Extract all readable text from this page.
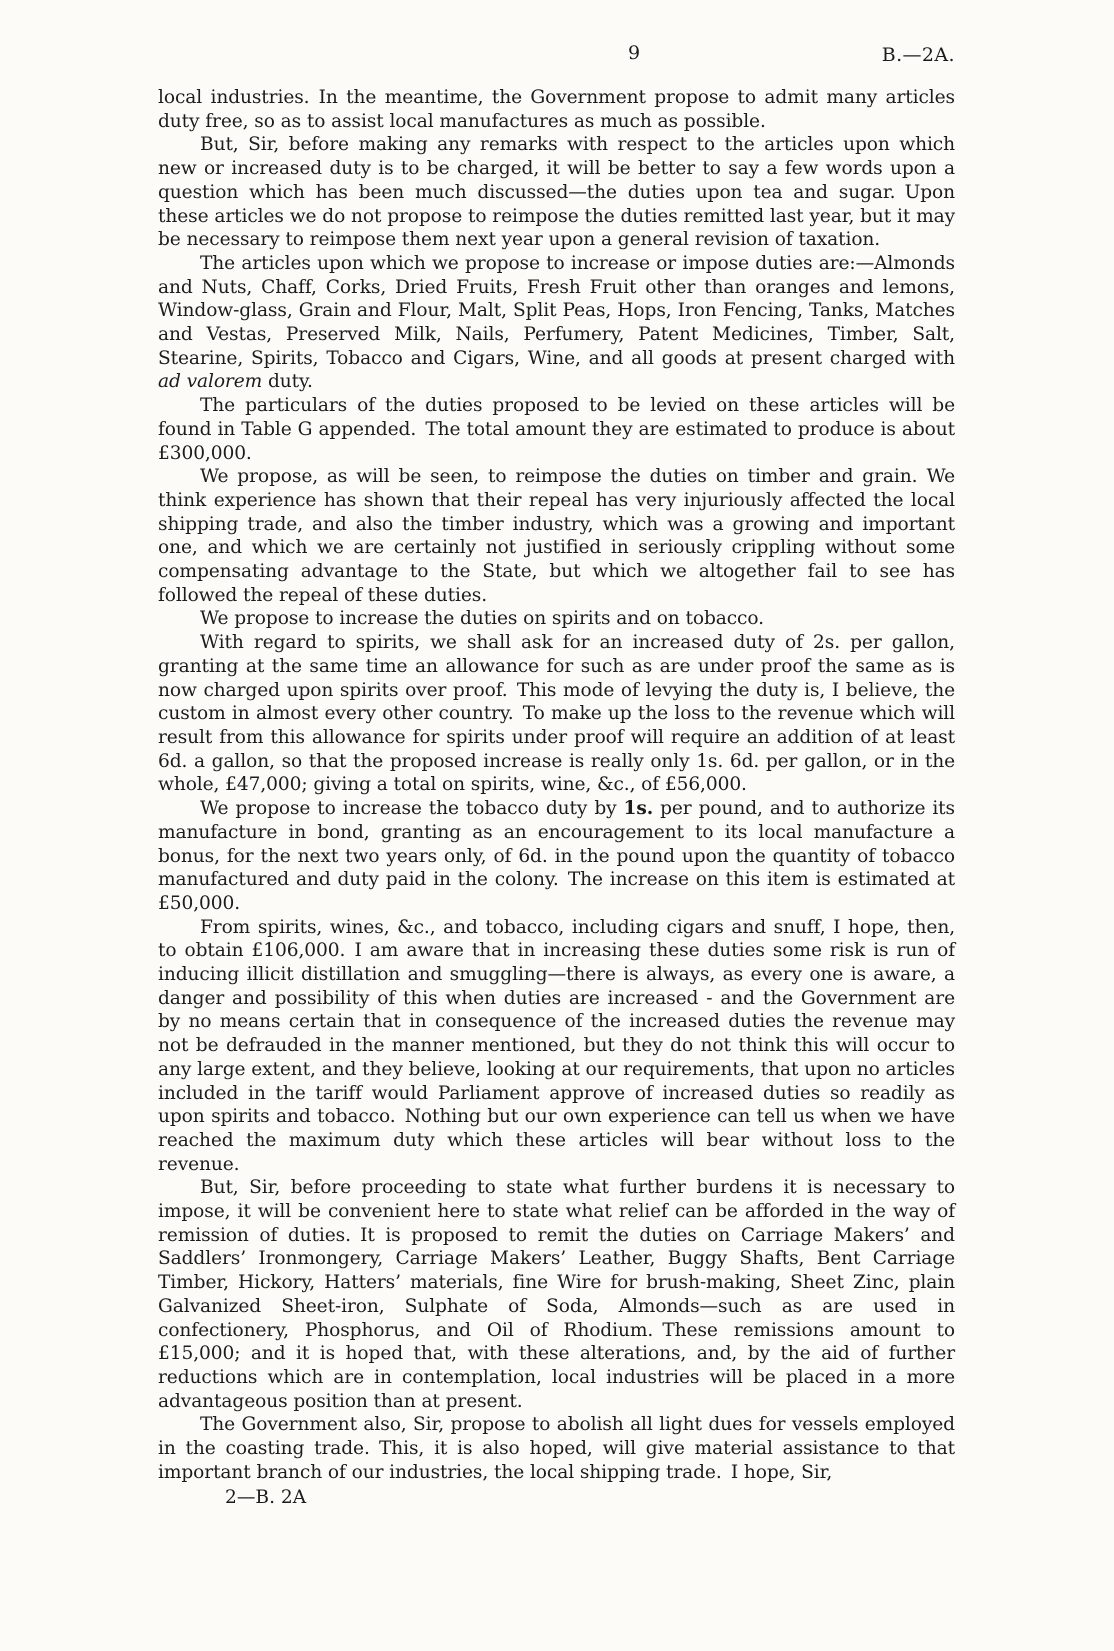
9	B.—2A.

local industries. In the meantime, the Government propose to admit many articles duty free, so as to assist local manufactures as much as possible.

But, Sir, before making any remarks with respect to the articles upon which new or increased duty is to be charged, it will be better to say a few words upon a question which has been much discussed—the duties upon tea and sugar. Upon these articles we do not propose to reimpose the duties remitted last year, but it may be necessary to reimpose them next year upon a general revision of taxation.

The articles upon which we propose to increase or impose duties are:—Almonds and Nuts, Chaff, Corks, Dried Fruits, Fresh Fruit other than oranges and lemons, Window-glass, Grain and Flour, Malt, Split Peas, Hops, Iron Fencing, Tanks, Matches and Vestas, Preserved Milk, Nails, Perfumery, Patent Medicines, Timber, Salt, Stearine, Spirits, Tobacco and Cigars, Wine, and all goods at present charged with ad valorem duty.

The particulars of the duties proposed to be levied on these articles will be found in Table G appended. The total amount they are estimated to produce is about £300,000.

We propose, as will be seen, to reimpose the duties on timber and grain. We think experience has shown that their repeal has very injuriously affected the local shipping trade, and also the timber industry, which was a growing and important one, and which we are certainly not justified in seriously crippling without some compensating advantage to the State, but which we altogether fail to see has followed the repeal of these duties.

We propose to increase the duties on spirits and on tobacco.

With regard to spirits, we shall ask for an increased duty of 2s. per gallon, granting at the same time an allowance for such as are under proof the same as is now charged upon spirits over proof. This mode of levying the duty is, I believe, the custom in almost every other country. To make up the loss to the revenue which will result from this allowance for spirits under proof will require an addition of at least 6d. a gallon, so that the proposed increase is really only 1s. 6d. per gallon, or in the whole, £47,000; giving a total on spirits, wine, &c., of £56,000.

We propose to increase the tobacco duty by 1s. per pound, and to authorize its manufacture in bond, granting as an encouragement to its local manufacture a bonus, for the next two years only, of 6d. in the pound upon the quantity of tobacco manufactured and duty paid in the colony. The increase on this item is estimated at £50,000.

From spirits, wines, &c., and tobacco, including cigars and snuff, I hope, then, to obtain £106,000. I am aware that in increasing these duties some risk is run of inducing illicit distillation and smuggling—there is always, as every one is aware, a danger and possibility of this when duties are increased - and the Government are by no means certain that in consequence of the increased duties the revenue may not be defrauded in the manner mentioned, but they do not think this will occur to any large extent, and they believe, looking at our requirements, that upon no articles included in the tariff would Parliament approve of increased duties so readily as upon spirits and tobacco. Nothing but our own experience can tell us when we have reached the maximum duty which these articles will bear without loss to the revenue.

But, Sir, before proceeding to state what further burdens it is necessary to impose, it will be convenient here to state what relief can be afforded in the way of remission of duties. It is proposed to remit the duties on Carriage Makers’ and Saddlers’ Ironmongery, Carriage Makers’ Leather, Buggy Shafts, Bent Carriage Timber, Hickory, Hatters’ materials, fine Wire for brush-making, Sheet Zinc, plain Galvanized Sheet-iron, Sulphate of Soda, Almonds—such as are used in confectionery, Phosphorus, and Oil of Rhodium. These remissions amount to £15,000; and it is hoped that, with these alterations, and, by the aid of further reductions which are in contemplation, local industries will be placed in a more advantageous position than at present.

The Government also, Sir, propose to abolish all light dues for vessels employed in the coasting trade. This, it is also hoped, will give material assistance to that important branch of our industries, the local shipping trade. I hope, Sir,

2—B. 2A
